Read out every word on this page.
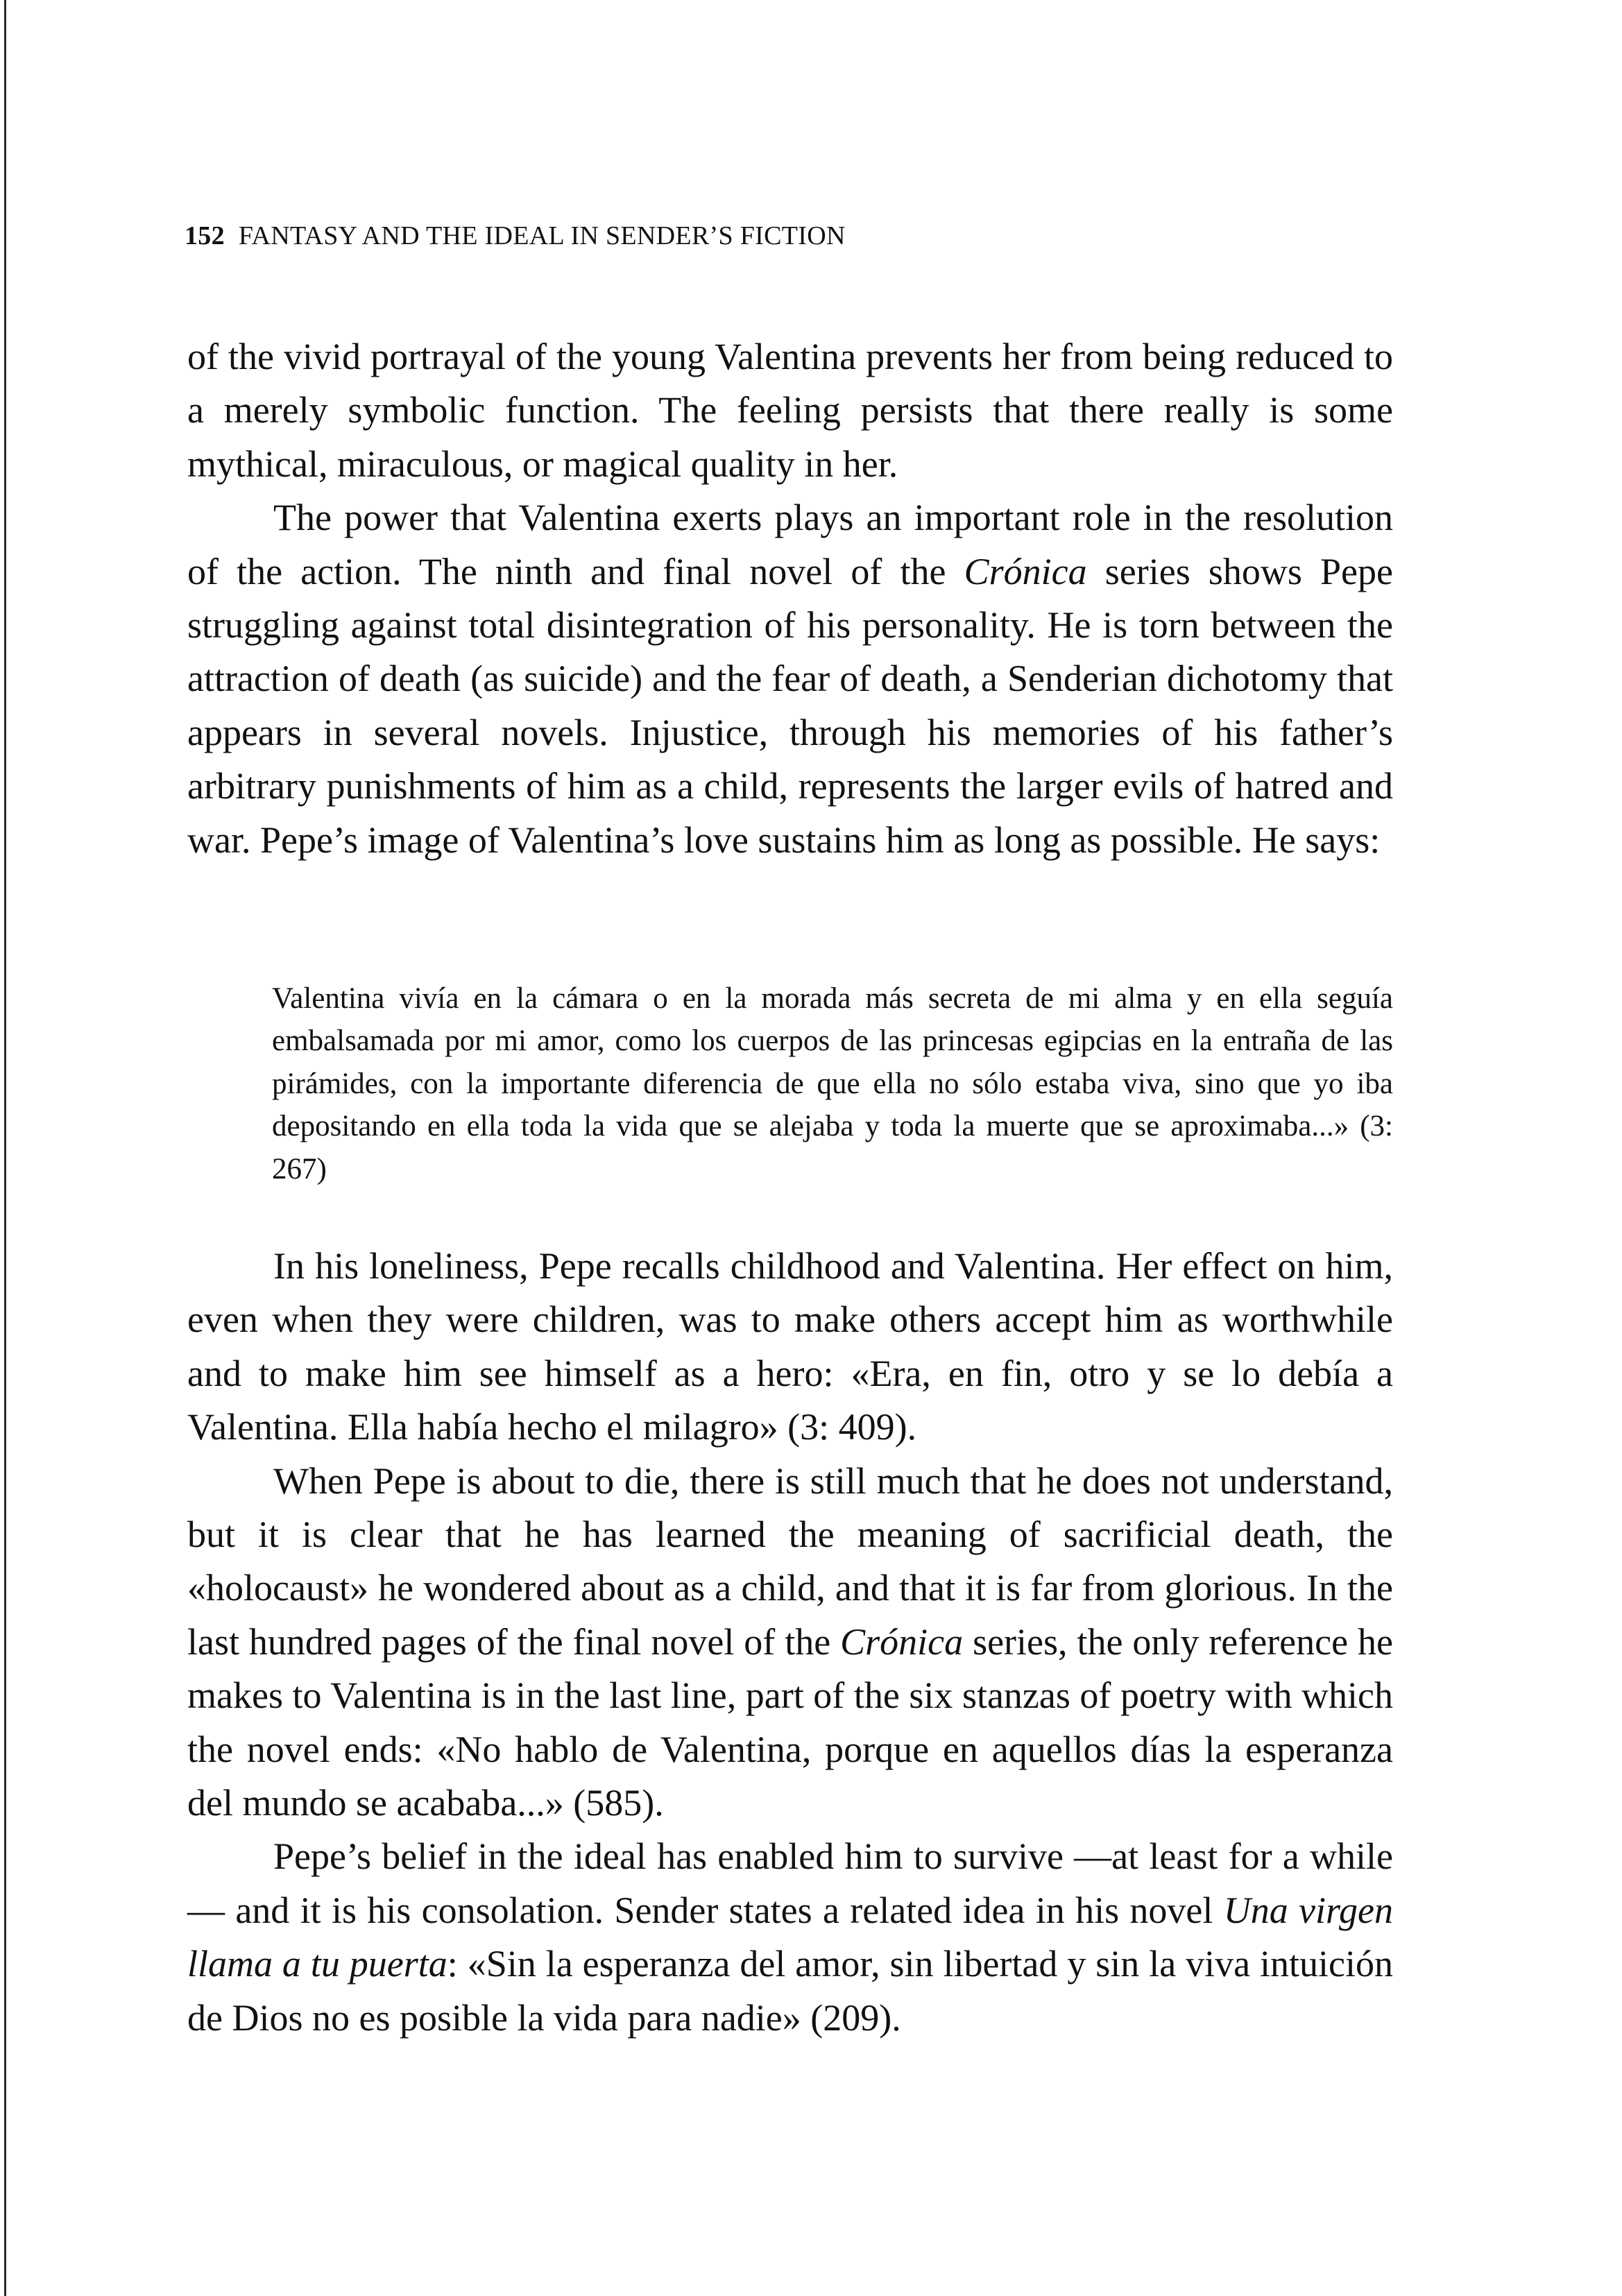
152 FANTASY AND THE IDEAL IN SENDER’S FICTION

of the vivid portrayal of the young Valentina prevents her from being reduced to a merely symbolic function. The feeling persists that there really is some mythical, miraculous, or magical quality in her.

The power that Valentina exerts plays an important role in the resolution of the action. The ninth and final novel of the Crónica series shows Pepe struggling against total disintegration of his personality. He is torn between the attraction of death (as suicide) and the fear of death, a Senderian dichotomy that appears in several novels. Injustice, through his memories of his father’s arbitrary punishments of him as a child, represents the larger evils of hatred and war. Pepe’s image of Valentina’s love sustains him as long as possible. He says:

Valentina vivía en la cámara o en la morada más secreta de mi alma y en ella seguía embalsamada por mi amor, como los cuerpos de las princesas egipcias en la entraña de las pirámides, con la importante diferencia de que ella no sólo estaba viva, sino que yo iba depositando en ella toda la vida que se alejaba y toda la muerte que se aproximaba...» (3: 267)

In his loneliness, Pepe recalls childhood and Valentina. Her effect on him, even when they were children, was to make others accept him as worthwhile and to make him see himself as a hero: «Era, en fin, otro y se lo debía a Valentina. Ella había hecho el milagro» (3: 409).

When Pepe is about to die, there is still much that he does not understand, but it is clear that he has learned the meaning of sacrificial death, the «holocaust» he wondered about as a child, and that it is far from glorious. In the last hundred pages of the final novel of the Crónica series, the only reference he makes to Valentina is in the last line, part of the six stanzas of poetry with which the novel ends: «No hablo de Valentina, porque en aquellos días la esperanza del mundo se acababa...» (585).

Pepe’s belief in the ideal has enabled him to survive —at least for a while— and it is his consolation. Sender states a related idea in his novel Una virgen llama a tu puerta: «Sin la esperanza del amor, sin libertad y sin la viva intuición de Dios no es posible la vida para nadie» (209).
